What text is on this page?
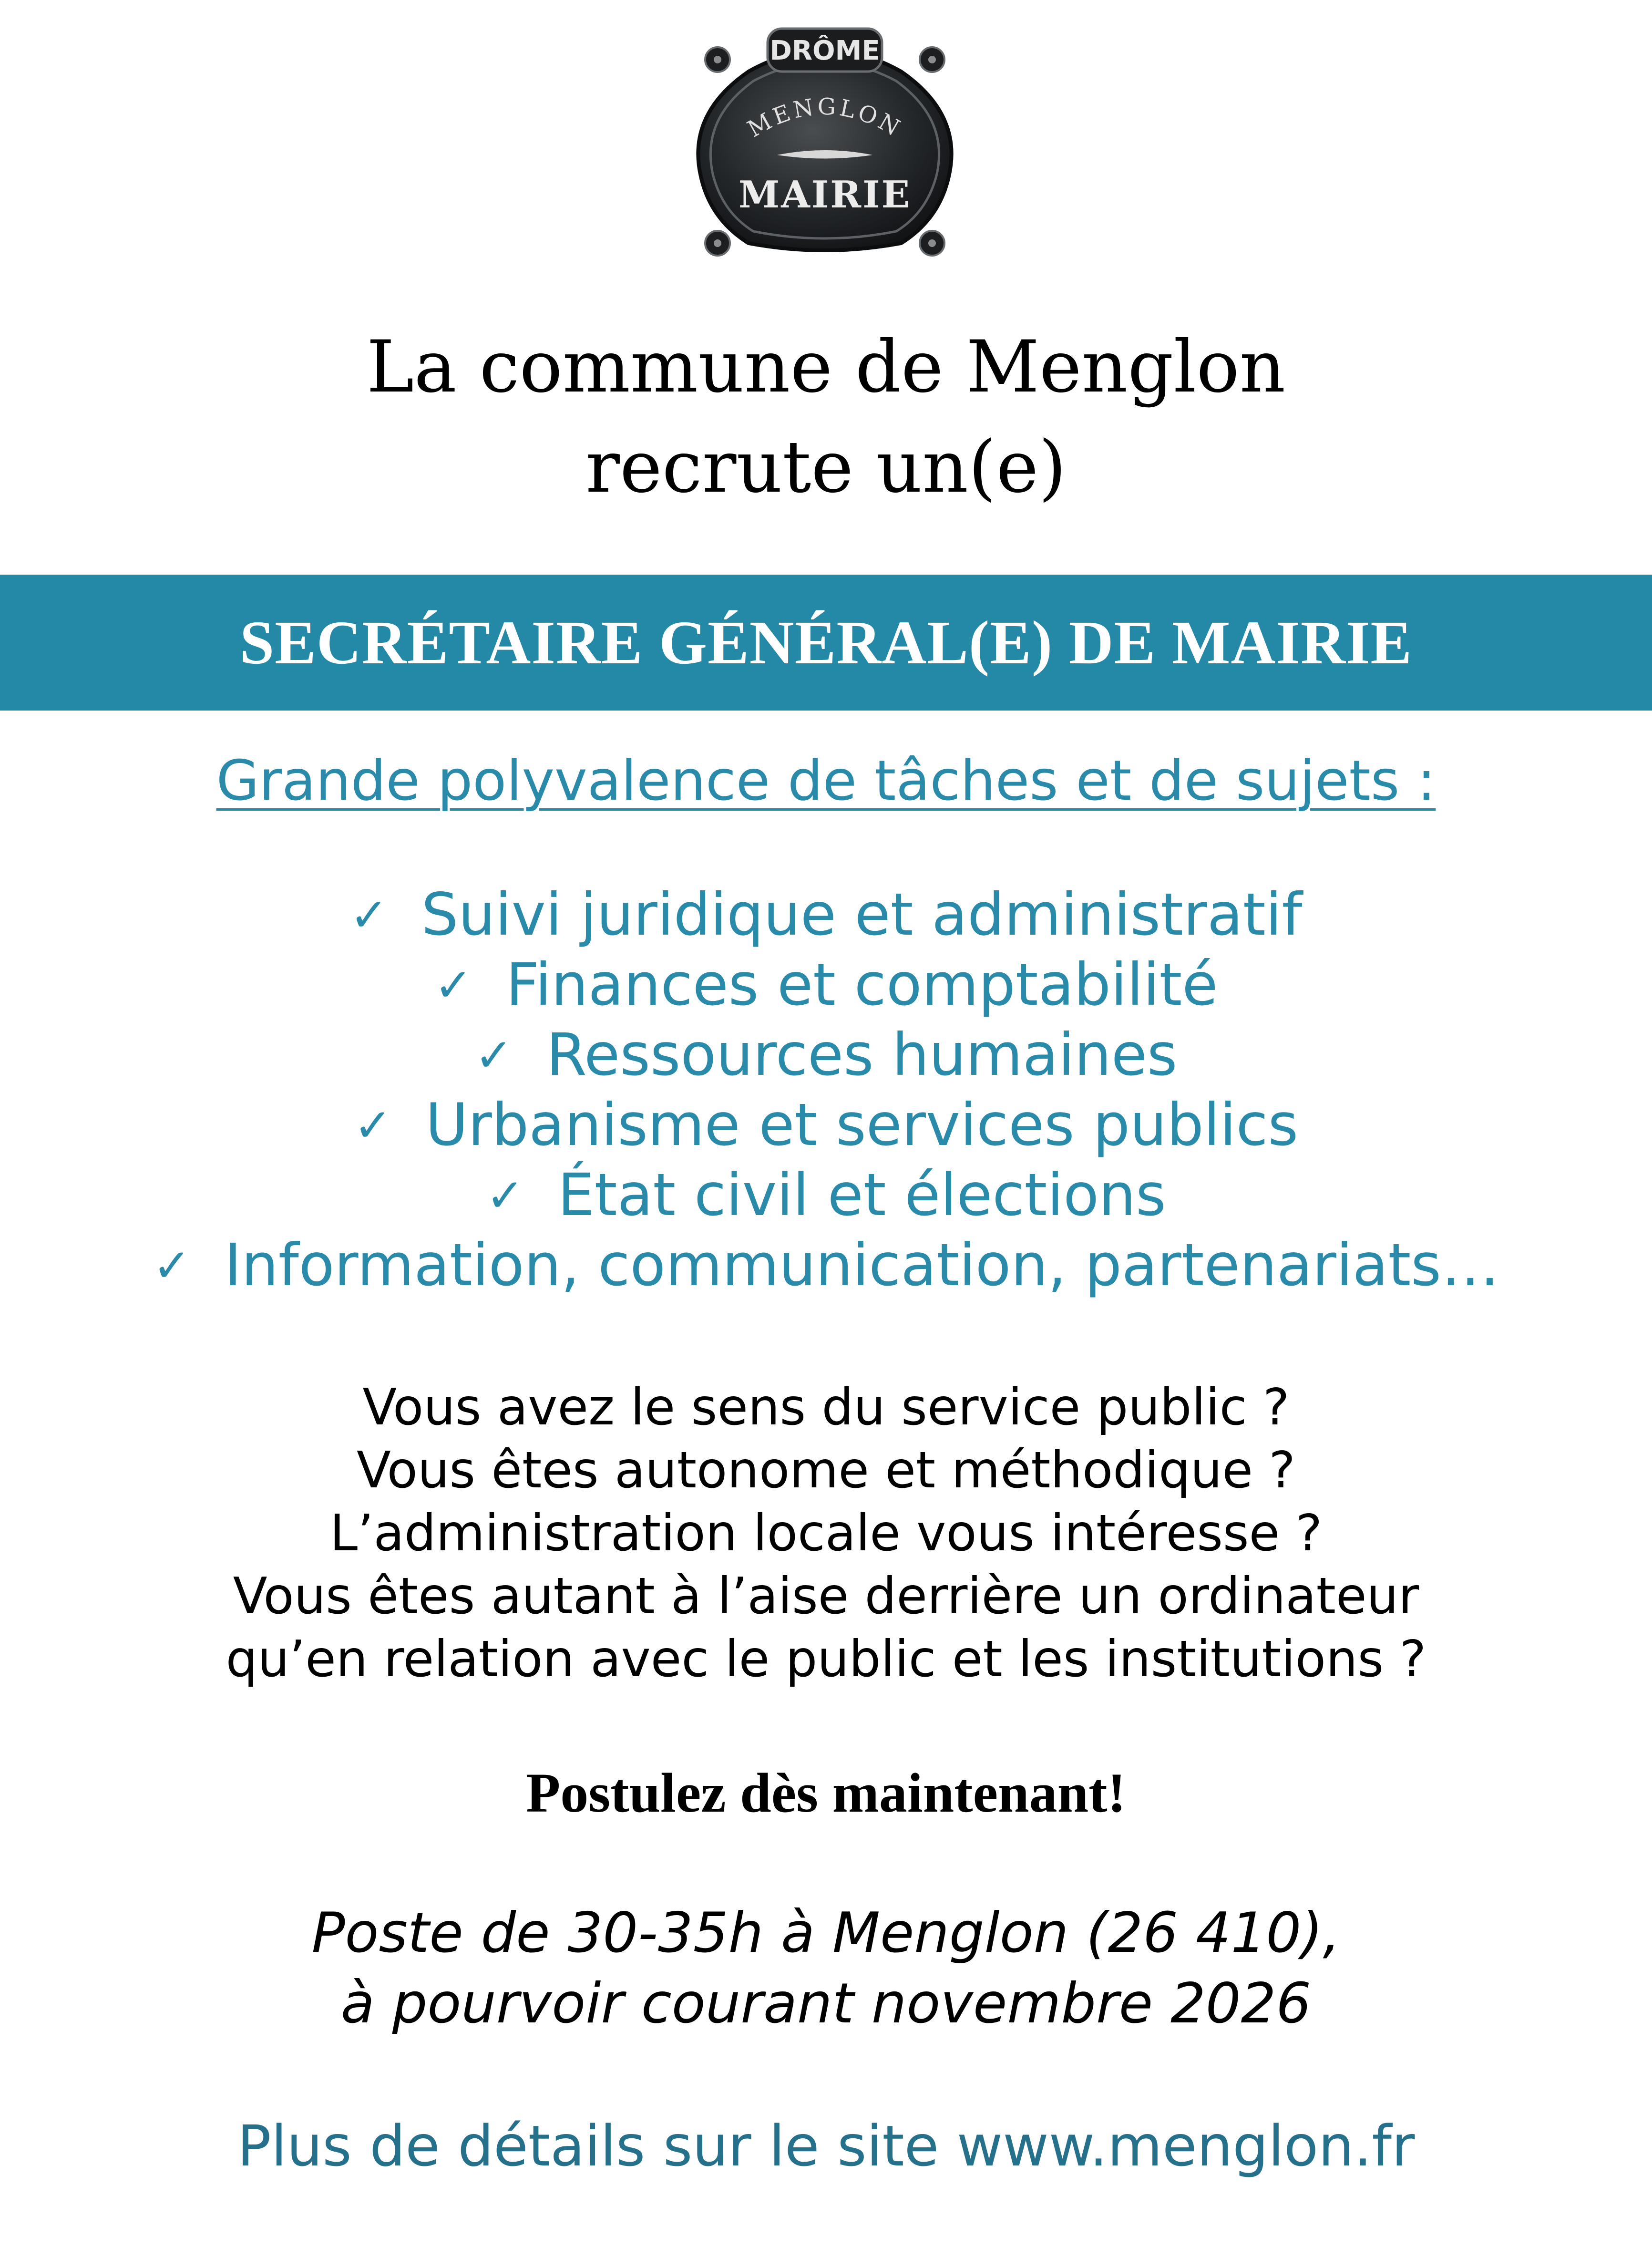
DRÔME
MENGLON
MAIRIE
La commune de Menglon
recrute un(e)
SECRÉTAIRE GÉNÉRAL(E) DE MAIRIE
Grande polyvalence de tâches et de sujets :
✓ Suivi juridique et administratif
✓ Finances et comptabilité
✓ Ressources humaines
✓ Urbanisme et services publics
✓ État civil et élections
✓ Information, communication, partenariats…
Vous avez le sens du service public ?
Vous êtes autonome et méthodique ?
L’administration locale vous intéresse ?
Vous êtes autant à l’aise derrière un ordinateur
qu’en relation avec le public et les institutions ?
Postulez dès maintenant!
Poste de 30-35h à Menglon (26 410),
à pourvoir courant novembre 2026
Plus de détails sur le site www.menglon.fr
